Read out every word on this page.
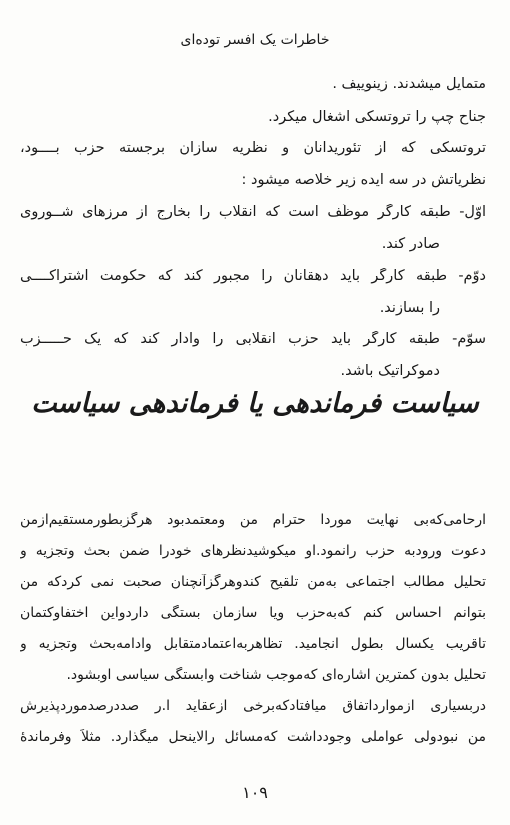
خاطرات یک افسر توده‌ای
متمایل میشدند. زینوییف .
جناح چپ را تروتسکی اشغال میکرد.
تروتسکی که از تئوریدانان و نظریه سازان برجسته حزب بــــود،
نظریاتش در سه ایده زیر خلاصه میشود :
اوّل- طبقه کارگر موظّف است که انقلاب را بخارج از مرزهای شــوروی
صادر کند.
دوّم- طبقه کارگر باید دهقانان را مجبور کند که حکومت اشتراکــــی
را بسازند.
سوّم- طبقه کارگر باید حزب انقلابی را وادار کند که یک حـــــزب
دموکراتیک باشد.
سیاست فرماندهی یا فرماندهی سیاست
ارحامی‌که‌بی نهایت موردا حترام من ومعتمدبود هرگزبطورمستقیم‌ازمن
دعوت ورود‌به حزب رانمود.او میکوشید‌نظرهای خودرا ضمن بحث وتجزیه و
تحلیل مطالب اجتماعی به‌من تلقیح کندوهرگزآنچنان صحبت نمی کردکه من
بتوانم احساس کنم که‌به‌حزب ویا سازمان بستگی داردواین اختفاوکتمان
تاقریب یکسال بطول انجامید. تظاهربه‌اعتمادمتقابل وادامه‌بحث وتجزیه و
تحلیل بدون کمترین اشاره‌ای که‌موجب شناخت وابستگی سیاسی او‌بشود.
دربسیاری ازموارداتفاق میافتادکه‌برخی ازعقاید ا.ر صددرصدموردپذیرش
من نبودولی عواملی وجودداشت که‌مسائل رالاینحل میگذارد. مثلاً وفرماندهٔ
۱۰۹
